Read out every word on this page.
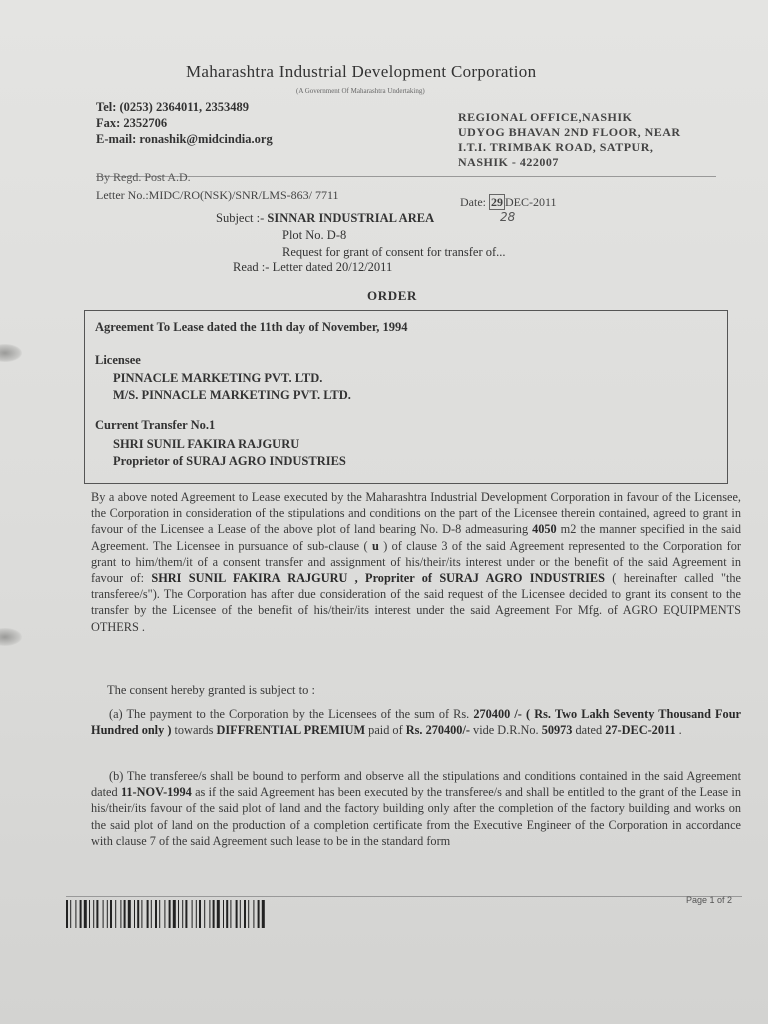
Maharashtra Industrial Development Corporation
(A Government Of Maharashtra Undertaking)
Tel: (0253) 2364011, 2353489
Fax: 2352706
E-mail: ronashik@midcindia.org
REGIONAL OFFICE,NASHIK
UDYOG BHAVAN 2ND FLOOR, NEAR
I.T.I. TRIMBAK ROAD, SATPUR,
NASHIK - 422007
By Regd. Post A.D.
Letter No.:MIDC/RO(NSK)/SNR/LMS-863/ 7711	Date: 29 DEC-2011
28
Subject :- SINNAR INDUSTRIAL AREA
Plot No. D-8
Request for grant of consent for transfer of...
Read :- Letter dated 20/12/2011
ORDER
Agreement To Lease dated the 11th day of November, 1994
Licensee
PINNACLE MARKETING PVT. LTD.
M/S. PINNACLE MARKETING PVT. LTD.
Current Transfer No.1
SHRI SUNIL FAKIRA RAJGURU
Proprietor of SURAJ AGRO INDUSTRIES
By a above noted Agreement to Lease executed by the Maharashtra Industrial Development Corporation in favour of the Licensee, the Corporation in consideration of the stipulations and conditions on the part of the Licensee therein contained, agreed to grant in favour of the Licensee a Lease of the above plot of land bearing No. D-8 admeasuring 4050 m2 the manner specified in the said Agreement. The Licensee in pursuance of sub-clause ( u ) of clause 3 of the said Agreement represented to the Corporation for grant to him/them/it of a consent transfer and assignment of his/their/its interest under or the benefit of the said Agreement in favour of: SHRI SUNIL FAKIRA RAJGURU , Propriter of SURAJ AGRO INDUSTRIES ( hereinafter called "the transferee/s"). The Corporation has after due consideration of the said request of the Licensee decided to grant its consent to the transfer by the Licensee of the benefit of his/their/its interest under the said Agreement For Mfg. of AGRO EQUIPMENTS OTHERS .
The consent hereby granted is subject to :
(a) The payment to the Corporation by the Licensees of the sum of Rs. 270400 /- ( Rs. Two Lakh Seventy Thousand Four Hundred only ) towards DIFFRENTIAL PREMIUM paid of Rs. 270400/- vide D.R.No. 50973 dated 27-DEC-2011 .
(b) The transferee/s shall be bound to perform and observe all the stipulations and conditions contained in the said Agreement dated 11-NOV-1994 as if the said Agreement has been executed by the transferee/s and shall be entitled to the grant of the Lease in his/their/its favour of the said plot of land and the factory building only after the completion of the factory building and works on the said plot of land on the production of a completion certificate from the Executive Engineer of the Corporation in accordance with clause 7 of the said Agreement such lease to be in the standard form
Page 1 of 2
